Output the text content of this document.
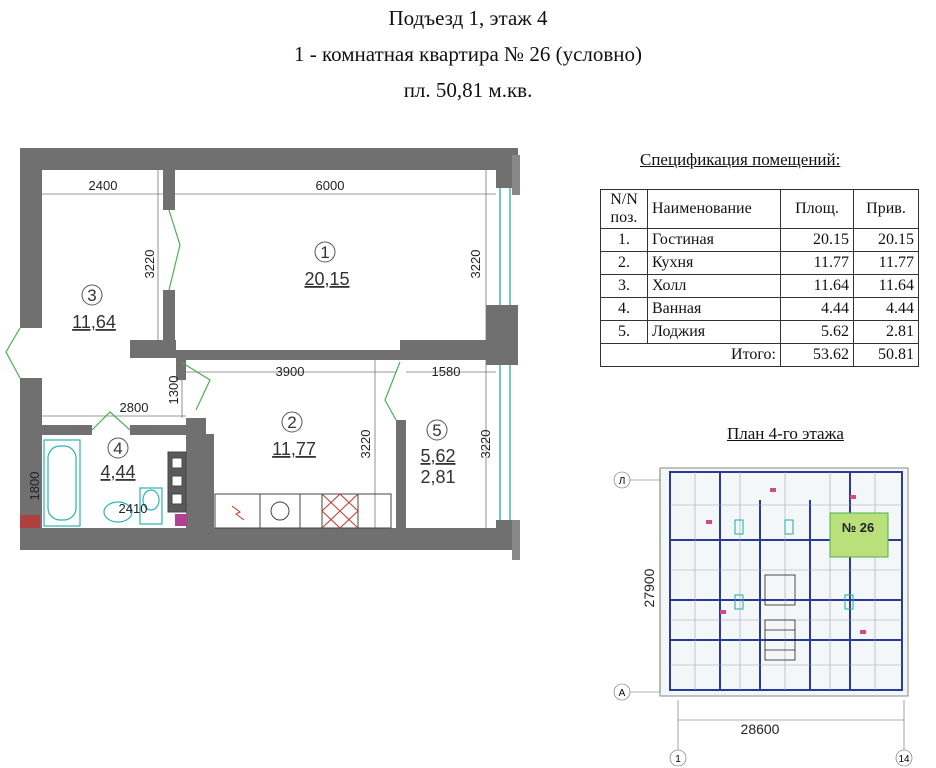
Подъезд 1, этаж 4
1 - комнатная квартира № 26 (условно)
пл. 50,81 м.кв.
2400	6000
3900	1580
2800
3220	3220
3220	3220
1300
1800
2410
1
20,15
2
11,77
3
11,64
4
4,44
5
5,62
2,81
№ 26
Л
А
1	14
28600
27900
Спецификация помещений:
N/N поз.	Наименование	Площ.	Прив.
1.	Гостиная	20.15	20.15
2.	Кухня	11.77	11.77
3.	Холл	11.64	11.64
4.	Ванная	4.44	4.44
5.	Лоджия	5.62	2.81
Итого:		53.62	50.81
План 4-го этажа
